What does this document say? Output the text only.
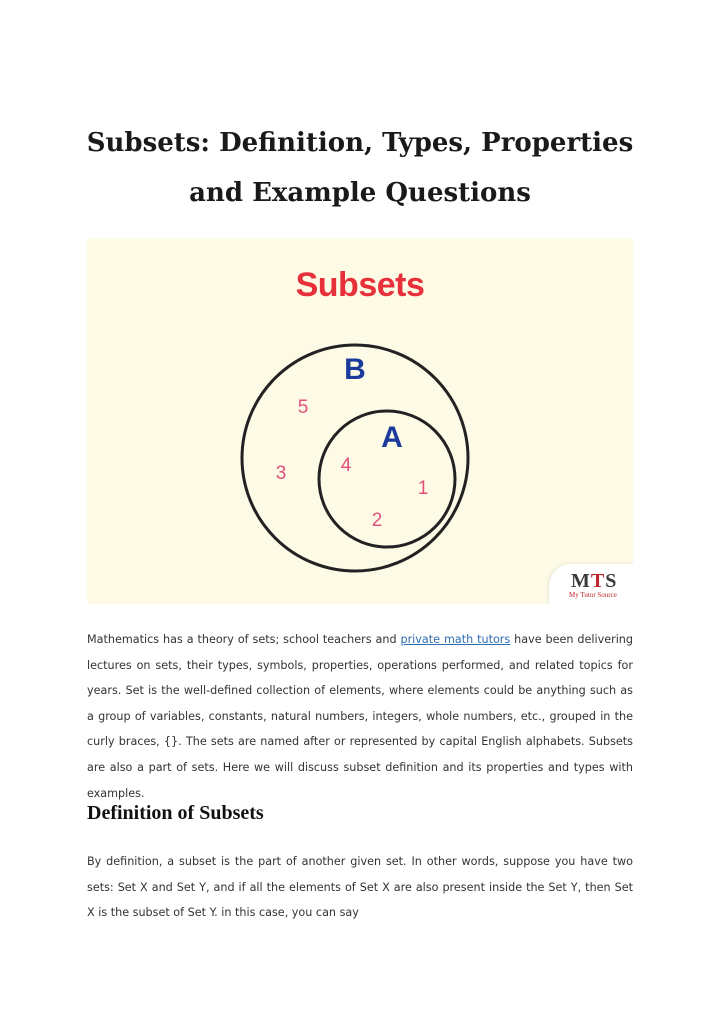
Subsets: Definition, Types, Properties
and Example Questions
Subsets
B
A
5
3	4
1
2
MTS
My Tutor Source
Mathematics has a theory of sets; school teachers and private math tutors have been delivering lectures on sets, their types, symbols, properties, operations performed, and related topics for years. Set is the well-defined collection of elements, where elements could be anything such as a group of variables, constants, natural numbers, integers, whole numbers, etc., grouped in the curly braces, {}. The sets are named after or represented by capital English alphabets. Subsets are also a part of sets. Here we will discuss subset definition and its properties and types with examples.
Definition of Subsets
By definition, a subset is the part of another given set. In other words, suppose you have two sets: Set X and Set Y, and if all the elements of Set X are also present inside the Set Y, then Set X is the subset of Set Y. in this case, you can say
